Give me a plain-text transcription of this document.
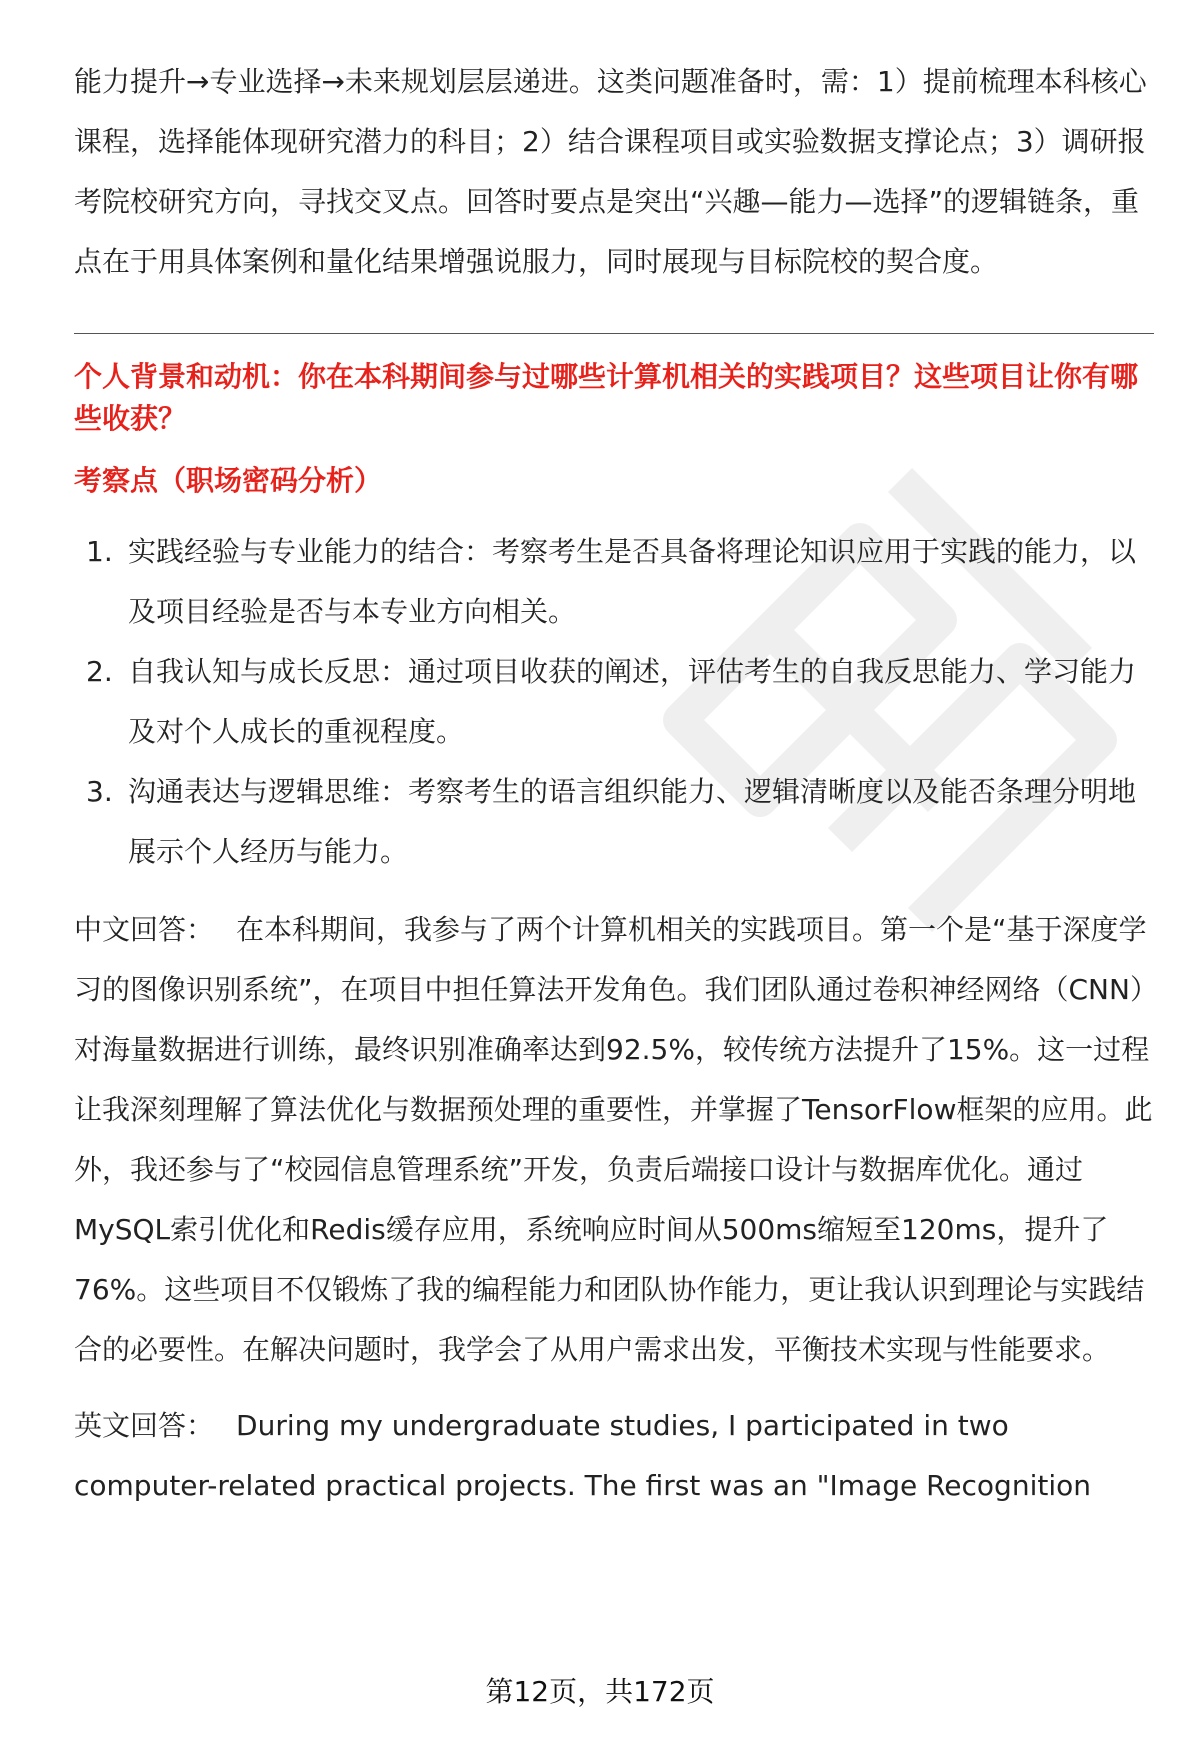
能力提升→专业选择→未来规划层层递进。这类问题准备时，需：1）提前梳理本科核心课程，选择能体现研究潜力的科目；2）结合课程项目或实验数据支撑论点；3）调研报考院校研究方向，寻找交叉点。回答时要点是突出“兴趣—能力—选择”的逻辑链条，重点在于用具体案例和量化结果增强说服力，同时展现与目标院校的契合度。

个人背景和动机：你在本科期间参与过哪些计算机相关的实践项目？这些项目让你有哪些收获？

考察点（职场密码分析）

1. 实践经验与专业能力的结合：考察考生是否具备将理论知识应用于实践的能力，以及项目经验是否与本专业方向相关。
2. 自我认知与成长反思：通过项目收获的阐述，评估考生的自我反思能力、学习能力及对个人成长的重视程度。
3. 沟通表达与逻辑思维：考察考生的语言组织能力、逻辑清晰度以及能否条理分明地展示个人经历与能力。

中文回答： 在本科期间，我参与了两个计算机相关的实践项目。第一个是“基于深度学习的图像识别系统”，在项目中担任算法开发角色。我们团队通过卷积神经网络（CNN）对海量数据进行训练，最终识别准确率达到92.5%，较传统方法提升了15%。这一过程让我深刻理解了算法优化与数据预处理的重要性，并掌握了TensorFlow框架的应用。此外，我还参与了“校园信息管理系统”开发，负责后端接口设计与数据库优化。通过MySQL索引优化和Redis缓存应用，系统响应时间从500ms缩短至120ms，提升了76%。这些项目不仅锻炼了我的编程能力和团队协作能力，更让我认识到理论与实践结合的必要性。在解决问题时，我学会了从用户需求出发，平衡技术实现与性能要求。

英文回答： During my undergraduate studies, I participated in two computer-related practical projects. The first was an "Image Recognition

第12页，共172页
